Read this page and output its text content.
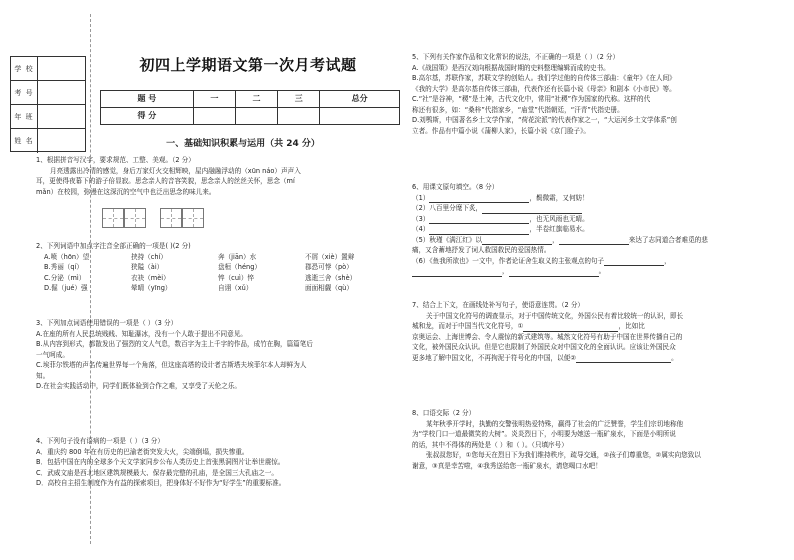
学 校
考 号
年 班
姓 名
初四上学期语文第一次月考试题
题 号	一	二	三	总分
得 分				
一、基础知识积累与运用（共 24 分）

1、根据拼音写汉字，要求规范、工整、美观。（2 分）

月亮透露出冷清的感觉，身后万家灯火交相辉映，屋内融融浮动的（xūn náo）声声入

耳，更使得夜幕下的游子倍显寂。思念亲人的音容笑貌，思念亲人的丝丝关怀，思念（mí

mǎn）在校园，弥漫在这深沉的空气中也泛出思念的味儿来。

2、下列词语中加点字注音全部正确的一项是( )(2 分)

A.喷（hōn）望	挟持（chí）	奔（jiān）水	不屑（xiè）置辩
B.秀丽（qí）	狭隘（ài）	盘桓（héng）	郡恐可悖（pò）
C.分泌（mì）	衣袂（mèi）	悴（cuì）悴	逃逝三舍（shè）
D.倔（jué）强	晕晴（yīng）	自诩（xǔ）	面面相觑（qù）

3、下列加点词语使用错误的一项是（ ）（3 分）

A.在座的所有人民总统贱贱、知耻瀑冰，没有一个人敢于提出不同意见。

B.从内容到形式，都散发出了强烈的文人气息，数百字为主上千字的作品，成竹在胸，篇篇笔后

一气呵成。

C.埃菲尔铁塔的声名传遍世界每一个角落，但这座高塔的设计者古斯塔夫埃菲尔本人却鲜为人

知。

D.在社会实践活动中，同学们既体验到合作之难，又享受了天伦之乐。

4、下列句子没有语病的一项是（ ）（3 分）

A．重庆约 800 年在有历史的巴渝老街突发大火，尖端倒塌，损失惨重。

B．包括中国在内的全球多个天文学家同步公布人类历史上首张黑洞图片让举世震惊。

C．武威文庙是西北地区建筑规模最大、保存最完整的孔庙，是全国三大孔庙之一。

D．高校自主招生制度作为有益的探索项目，把身体好不好作为“好学生”的重要标准。

5、下列有关作家作品和文化常识的说法，不正确的一项是（ ）（2 分）

A.《战国策》是西汉刘向根据战国时期的史料整理编辑而成的史书。

B.高尔基，苏联作家，苏联文学的创始人。我们学过他的自传体三部曲：《童年》《在人间》

《我的大学》是高尔基自传体三部曲，代表作还有长篇小说《母亲》和剧本《小市民》等。

C.“社”是谷神，“稷”是土神，古代文化中，常用“社稷”作为国家的代称。这样的代

称还有很多，如：“桑梓”代指家乡，“庙堂”代指朝廷，“汗青”代指史册。

D.刘鹗斯，中国著名乡土文学作家，“荷花淀派”的代表作家之一，“大运河乡土文学体系”创

立者。作品有中篇小说《蒲柳人家》，长篇小说《京门脸子》。

6、用课文原句填空。（8 分）

（1）	，鬓微霜，又何妨！

（2）八百里分麾下炙，

（3）	，也无风雨也无晴。

（4）	，半卷红旗临易水。

（5）秋瑾《满江红》以	，	来达了志同道合者难觅的悲

痛，又含蓄地抒发了词人救国救民的爱国热情。

（6）《鱼我所欲也》一文中，作者论证舍生取义的主张观点的句子	，

，	。

7、结合上下文，在画线处补写句子，使语意连贯。（2 分）

关于中国文化符号的调查显示，对于中国传统文化，外国公民有着比较统一的认识，即长

城和龙，而对于中国当代文化符号，①	，比如比

京奥运会、上海世博会、令人震惊的新式建筑等。城然文化符号有助于中国在世界传播自己的

文化，被外国民众认识。但是它也限制了外国民众对中国文化的全面认识。应该让外国民众

更多地了解中国文化，不再拘泥于符号化的中国，以便②	。

8、口语交际（2 分）

某年秋季开学时，执勤的交警张明热爱特殊，赢得了社会的广泛赞誉，学生们宗切地称他

为“学校门口一道最微笑的大树”。炎炎烈日下，小明要为她送一瓶矿泉水，下面是小明所说

的话，其中不得体的两处是（ ）和（ ）。（只填序号）

张叔叔您好，①您每天在烈日下为我们维持秩序，疏导交通，②孩子们尊重您，②属实向您致以

谢意，③真是幸苦啦，④我秀送给您一瓶矿泉水，请您喝口水吧！
